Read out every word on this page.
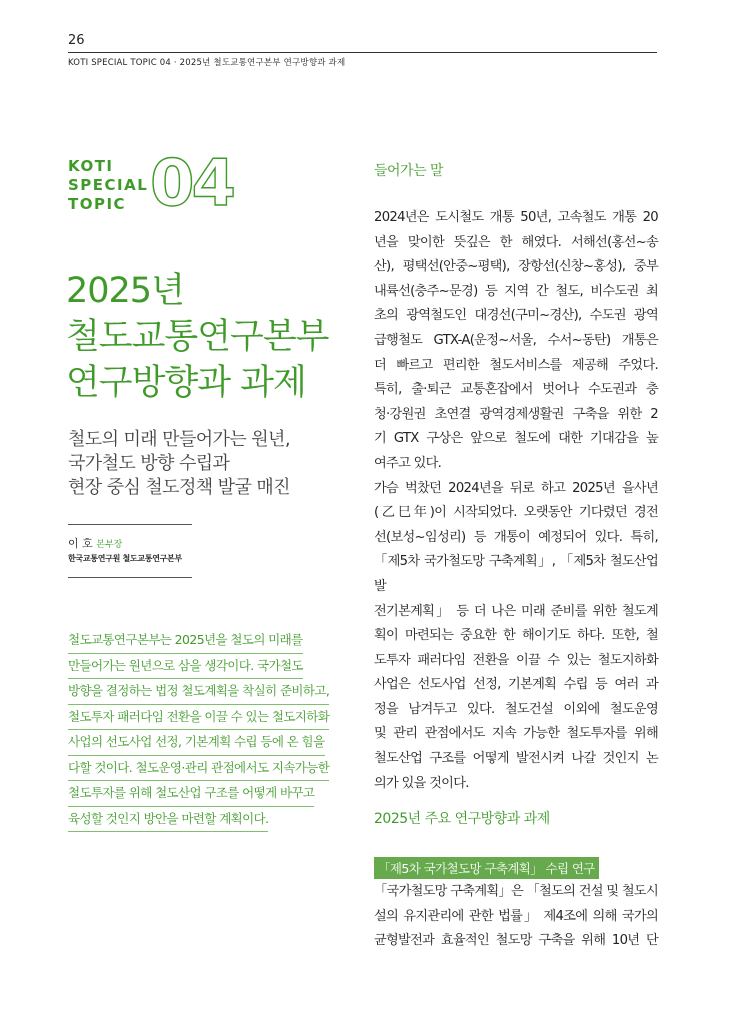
26
KOTI SPECIAL TOPIC 04 · 2025년 철도교통연구본부 연구방향과 과제
KOTI
SPECIAL
TOPIC 04
2025년
철도교통연구본부
연구방향과 과제
철도의 미래 만들어가는 원년,
국가철도 방향 수립과
현장 중심 철도정책 발굴 매진
이 호 본부장
한국교통연구원 철도교통연구본부
철도교통연구본부는 2025년을 철도의 미래를
만들어가는 원년으로 삼을 생각이다. 국가철도
방향을 결정하는 법정 철도계획을 착실히 준비하고,
철도투자 패러다임 전환을 이끌 수 있는 철도지하화
사업의 선도사업 선정, 기본계획 수립 등에 온 힘을
다할 것이다. 철도운영·관리 관점에서도 지속가능한
철도투자를 위해 철도산업 구조를 어떻게 바꾸고
육성할 것인지 방안을 마련할 계획이다.
들어가는 말
2024년은 도시철도 개통 50년, 고속철도 개통 20
년을 맞이한 뜻깊은 한 해였다. 서해선(홍선~송
산), 평택선(안중~평택), 장항선(신창~홍성), 중부
내륙선(충주~문경) 등 지역 간 철도, 비수도권 최
초의 광역철도인 대경선(구미~경산), 수도권 광역
급행철도 GTX-A(운정~서울, 수서~동탄) 개통은
더 빠르고 편리한 철도서비스를 제공해 주었다.
특히, 출·퇴근 교통혼잡에서 벗어나 수도권과 충
청·강원권 초연결 광역경제생활권 구축을 위한 2
기 GTX 구상은 앞으로 철도에 대한 기대감을 높
여주고 있다.
가슴 벅찼던 2024년을 뒤로 하고 2025년 을사년
(乙巳年)이 시작되었다. 오랫동안 기다렸던 경전
선(보성~임성리) 등 개통이 예정되어 있다. 특히,
「제5차 국가철도망 구축계획」, 「제5차 철도산업발
전기본계획」 등 더 나은 미래 준비를 위한 철도계
획이 마련되는 중요한 한 해이기도 하다. 또한, 철
도투자 패러다임 전환을 이끌 수 있는 철도지하화
사업은 선도사업 선정, 기본계획 수립 등 여러 과
정을 남겨두고 있다. 철도건설 이외에 철도운영
및 관리 관점에서도 지속 가능한 철도투자를 위해
철도산업 구조를 어떻게 발전시켜 나갈 것인지 논
의가 있을 것이다.
2025년 주요 연구방향과 과제
「제5차 국가철도망 구축계획」 수립 연구
「국가철도망 구축계획」은 「철도의 건설 및 철도시
설의 유지관리에 관한 법률」 제4조에 의해 국가의
균형발전과 효율적인 철도망 구축을 위해 10년 단
